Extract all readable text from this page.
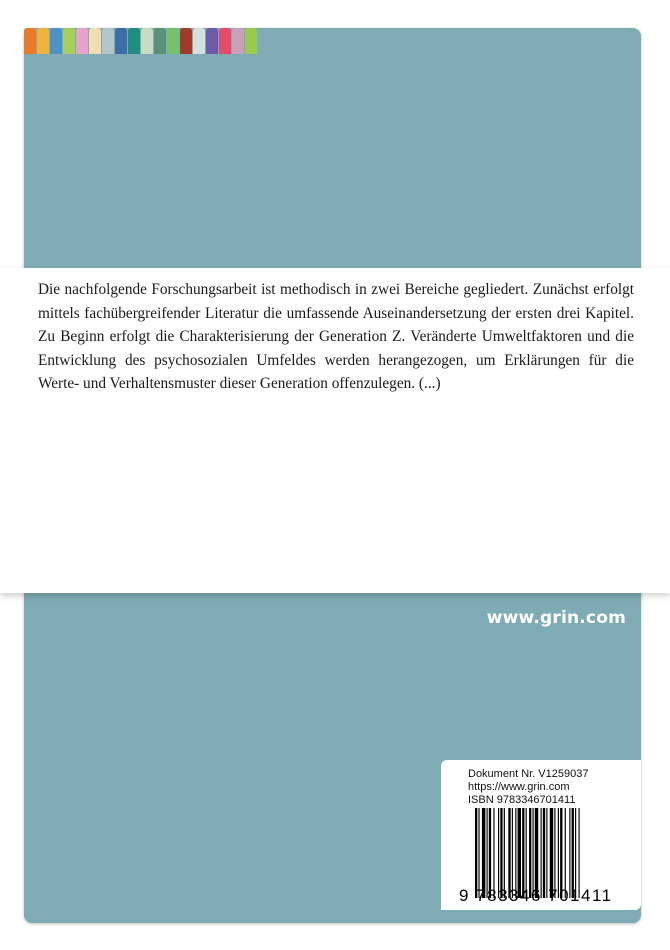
Die nachfolgende Forschungsarbeit ist methodisch in zwei Bereiche gegliedert. Zunächst erfolgt mittels fachübergreifender Literatur die umfassende Auseinandersetzung der ersten drei Kapitel. Zu Beginn erfolgt die Charakterisierung der Generation Z. Veränderte Umweltfaktoren und die Entwicklung des psychosozialen Umfeldes werden herangezogen, um Erklärungen für die Werte- und Verhaltensmuster dieser Generation offenzulegen. (...)

www.grin.com
Dokument Nr. V1259037
https://www.grin.com
ISBN 9783346701411
9 783346 701411
